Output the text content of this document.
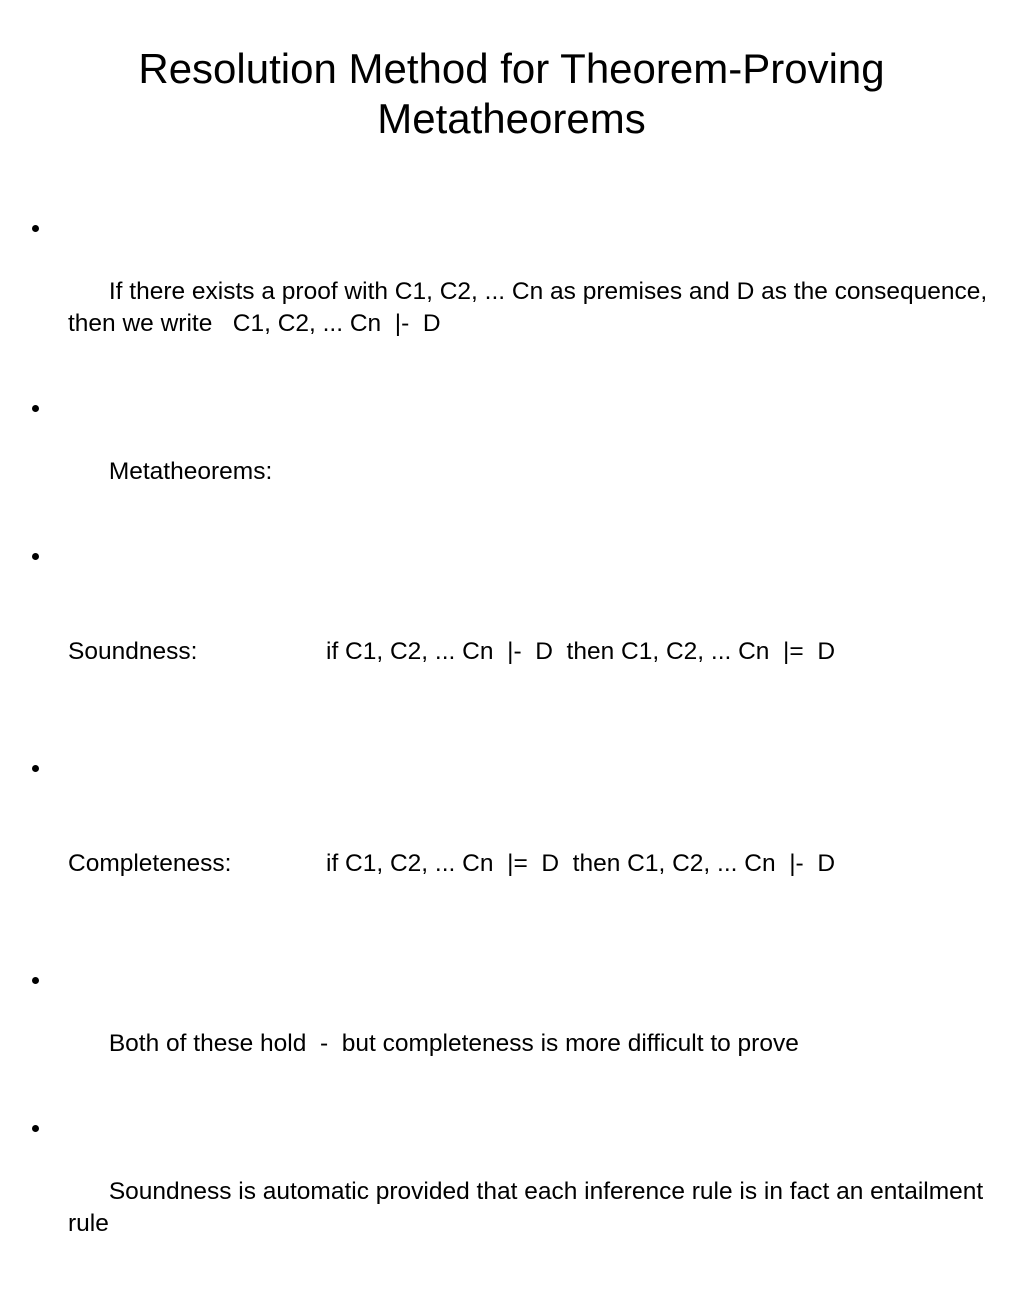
Resolution Method for Theorem-Proving
Metatheorems

If there exists a proof with C1, C2, ... Cn as premises and D as the consequence, then we write   C1, C2, ... Cn  |-  D

Metatheorems:

Soundness:	if C1, C2, ... Cn  |-  D  then C1, C2, ... Cn  |=  D

Completeness:	if C1, C2, ... Cn  |=  D  then C1, C2, ... Cn  |-  D

Both of these hold  -  but completeness is more difficult to prove

Soundness is automatic provided that each inference rule is in fact an entailment rule
